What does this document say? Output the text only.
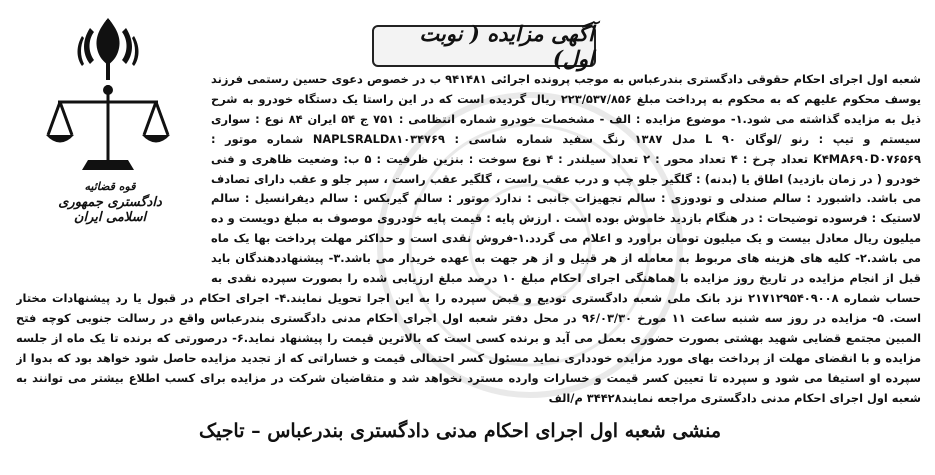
قوه قضائیه
دادگستری جمهوری اسلامی ایران
آگهی مزایده ( نوبت اول)
شعبه اول اجرای احکام حقوقی دادگستری بندرعباس به موجب پرونده اجرائی ۹۴۱۴۸۱ ب در خصوص دعوی حسین رستمی فرزند یوسف محکوم علیهم که به محکوم به پرداخت مبلغ ۲۲۳/۵۳۷/۸۵۶ ریال گردیده است که در این راستا یک دستگاه خودرو به شرح ذیل به مزایده گذاشته می شود.۱- موضوع مزایده : الف - مشخصات خودرو شماره انتظامی : ۷۵۱ ج ۵۴ ایران ۸۴ نوع : سواری سیستم و تیپ : رنو /لوگان L ۹۰ مدل ۱۳۸۷ رنگ سفید شماره شاسی : NAPLSRALD۸۱۰۳۴۷۶۹ شماره موتور : K۴MA۶۹۰D۰۷۶۵۶۹ تعداد چرخ : ۴ تعداد محور : ۲ تعداد سیلندر : ۴ نوع سوخت : بنزین ظرفیت : ۵ ب: وضعیت ظاهری و فنی خودرو ( در زمان بازدید) اطاق یا (بدنه) : گلگیر جلو چپ و درب عقب راست ، گلگیر عقب راست ، سپر جلو و عقب دارای تصادف می باشد. داشبورد : سالم صندلی و تودوزی : سالم تجهیزات جانبی : ندارد موتور : سالم گیربکس : سالم دیفرانسیل : سالم لاستیک : فرسوده توضیحات : در هنگام بازدید خاموش بوده است . ارزش پایه : قیمت پایه خودروی موصوف به مبلغ دویست و ده میلیون ریال معادل بیست و یک میلیون تومان براورد و اعلام می گردد.۱-فروش نقدی است و حداکثر مهلت پرداخت بها یک ماه می باشد.۲- کلیه های هزینه های مربوط به معامله از هر قبیل و از هر جهت به عهده خریدار می باشد.۳- پیشنهاددهندگان باید قبل از انجام مزایده در تاریخ روز مزایده با هماهنگی اجرای احکام مبلغ ۱۰ درصد مبلغ ارزیابی شده را بصورت سپرده نقدی به حساب شماره ۲۱۷۱۲۹۵۴۰۹۰۰۸ نزد بانک ملی شعبه دادگستری تودیع و قبض سپرده را به این اجرا تحویل نمایند.۴- اجرای احکام در قبول یا رد پیشنهادات مختار است. ۵- مزایده در روز سه شنبه ساعت ۱۱ مورخ ۹۶/۰۳/۳۰ در محل دفتر شعبه اول اجرای احکام مدنی دادگستری بندرعباس واقع در رسالت جنوبی کوچه فتح المبین مجتمع قضایی شهید بهشتی بصورت حضوری بعمل می آید و برنده کسی است که بالاترین قیمت را پیشنهاد نماید.۶- درصورتی که برنده تا یک ماه از جلسه مزایده و با انقضای مهلت از پرداخت بهای مورد مزایده خودداری نماید مسئول کسر احتمالی قیمت و خساراتی که از تجدید مزایده حاصل شود خواهد بود که بدوا از سپرده او استیفا می شود و سپرده تا تعیین کسر قیمت و خسارات وارده مسترد نخواهد شد و متقاضیان شرکت در مزایده برای کسب اطلاع بیشتر می توانند به شعبه اول اجرای احکام مدنی دادگستری مراجعه نمایند۳۴۴۲۸ م/الف
منشی شعبه اول اجرای احکام مدنی دادگستری بندرعباس – تاجیک
